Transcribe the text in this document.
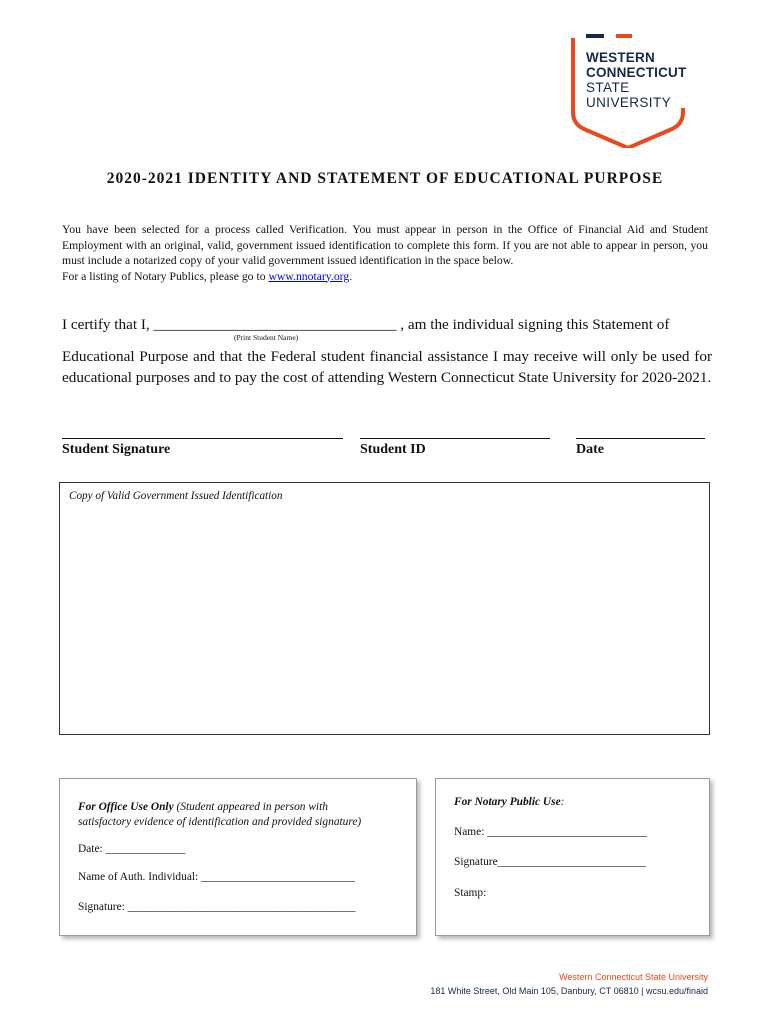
WESTERN
CONNECTICUT
STATE
UNIVERSITY
2020-2021 IDENTITY AND STATEMENT OF EDUCATIONAL PURPOSE

You have been selected for a process called Verification. You must appear in person in the Office of Financial Aid and Student Employment with an original, valid, government issued identification to complete this form. If you are not able to appear in person, you must include a notarized copy of your valid government issued identification in the space below.

For a listing of Notary Publics, please go to www.nnotary.org.

I certify that I, ________________________________ , am the individual signing this Statement of
(Print Student Name)
Educational Purpose and that the Federal student financial assistance I may receive will only be used for educational purposes and to pay the cost of attending Western Connecticut State University for 2020-2021.
Student Signature	Student ID	Date
Copy of Valid Government Issued Identification
For Office Use Only (Student appeared in person with
satisfactory evidence of identification and provided signature)
Date: ______________
Name of Auth. Individual: ___________________________
Signature: ________________________________________
For Notary Public Use:
Name: ____________________________
Signature__________________________
Stamp:
Western Connecticut State University
181 White Street, Old Main 105, Danbury, CT 06810 | wcsu.edu/finaid
